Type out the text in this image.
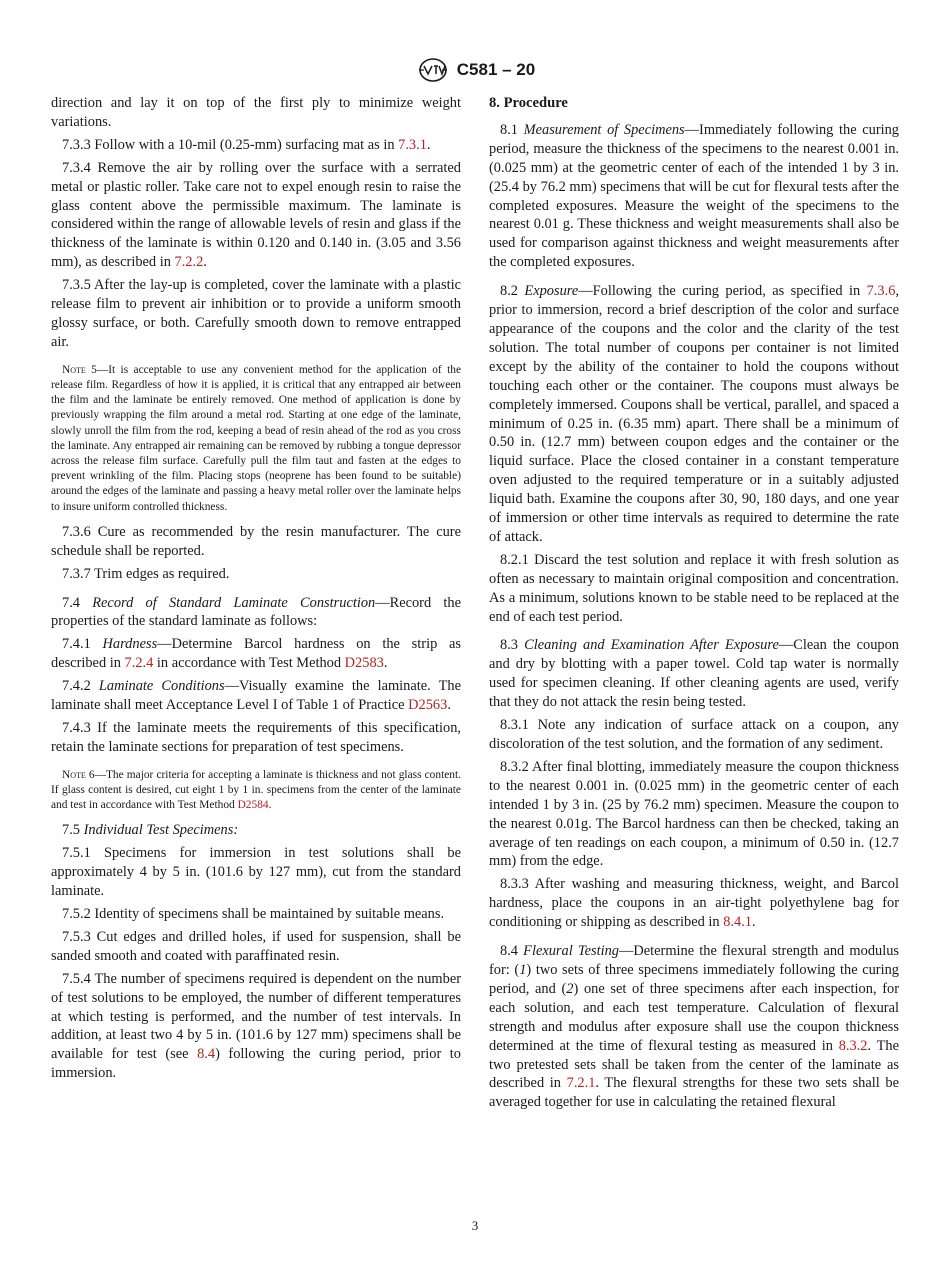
C581 – 20

direction and lay it on top of the first ply to minimize weight variations.

7.3.3 Follow with a 10-mil (0.25-mm) surfacing mat as in 7.3.1.

7.3.4 Remove the air by rolling over the surface with a serrated metal or plastic roller. Take care not to expel enough resin to raise the glass content above the permissible maximum. The laminate is considered within the range of allowable levels of resin and glass if the thickness of the laminate is within 0.120 and 0.140 in. (3.05 and 3.56 mm), as described in 7.2.2.

7.3.5 After the lay-up is completed, cover the laminate with a plastic release film to prevent air inhibition or to provide a uniform smooth glossy surface, or both. Carefully smooth down to remove entrapped air.

Note 5—It is acceptable to use any convenient method for the application of the release film. Regardless of how it is applied, it is critical that any entrapped air between the film and the laminate be entirely removed. One method of application is done by previously wrapping the film around a metal rod. Starting at one edge of the laminate, slowly unroll the film from the rod, keeping a bead of resin ahead of the rod as you cross the laminate. Any entrapped air remaining can be removed by rubbing a tongue depressor across the release film surface. Carefully pull the film taut and fasten at the edges to prevent wrinkling of the film. Placing stops (neoprene has been found to be suitable) around the edges of the laminate and passing a heavy metal roller over the laminate helps to insure uniform controlled thickness.

7.3.6 Cure as recommended by the resin manufacturer. The cure schedule shall be reported.

7.3.7 Trim edges as required.

7.4 Record of Standard Laminate Construction—Record the properties of the standard laminate as follows:

7.4.1 Hardness—Determine Barcol hardness on the strip as described in 7.2.4 in accordance with Test Method D2583.

7.4.2 Laminate Conditions—Visually examine the laminate. The laminate shall meet Acceptance Level I of Table 1 of Practice D2563.

7.4.3 If the laminate meets the requirements of this specification, retain the laminate sections for preparation of test specimens.

Note 6—The major criteria for accepting a laminate is thickness and not glass content. If glass content is desired, cut eight 1 by 1 in. specimens from the center of the laminate and test in accordance with Test Method D2584.

7.5 Individual Test Specimens:

7.5.1 Specimens for immersion in test solutions shall be approximately 4 by 5 in. (101.6 by 127 mm), cut from the standard laminate.

7.5.2 Identity of specimens shall be maintained by suitable means.

7.5.3 Cut edges and drilled holes, if used for suspension, shall be sanded smooth and coated with paraffinated resin.

7.5.4 The number of specimens required is dependent on the number of test solutions to be employed, the number of different temperatures at which testing is performed, and the number of test intervals. In addition, at least two 4 by 5 in. (101.6 by 127 mm) specimens shall be available for test (see 8.4) following the curing period, prior to immersion.

8. Procedure

8.1 Measurement of Specimens—Immediately following the curing period, measure the thickness of the specimens to the nearest 0.001 in. (0.025 mm) at the geometric center of each of the intended 1 by 3 in. (25.4 by 76.2 mm) specimens that will be cut for flexural tests after the completed exposures. Measure the weight of the specimens to the nearest 0.01 g. These thickness and weight measurements shall also be used for comparison against thickness and weight measurements after the completed exposures.

8.2 Exposure—Following the curing period, as specified in 7.3.6, prior to immersion, record a brief description of the color and surface appearance of the coupons and the color and the clarity of the test solution. The total number of coupons per container is not limited except by the ability of the container to hold the coupons without touching each other or the container. The coupons must always be completely immersed. Coupons shall be vertical, parallel, and spaced a minimum of 0.25 in. (6.35 mm) apart. There shall be a minimum of 0.50 in. (12.7 mm) between coupon edges and the container or the liquid surface. Place the closed container in a constant temperature oven adjusted to the required temperature or in a suitably adjusted liquid bath. Examine the coupons after 30, 90, 180 days, and one year of immersion or other time intervals as required to determine the rate of attack.

8.2.1 Discard the test solution and replace it with fresh solution as often as necessary to maintain original composition and concentration. As a minimum, solutions known to be stable need to be replaced at the end of each test period.

8.3 Cleaning and Examination After Exposure—Clean the coupon and dry by blotting with a paper towel. Cold tap water is normally used for specimen cleaning. If other cleaning agents are used, verify that they do not attack the resin being tested.

8.3.1 Note any indication of surface attack on a coupon, any discoloration of the test solution, and the formation of any sediment.

8.3.2 After final blotting, immediately measure the coupon thickness to the nearest 0.001 in. (0.025 mm) in the geometric center of each intended 1 by 3 in. (25 by 76.2 mm) specimen. Measure the coupon to the nearest 0.01g. The Barcol hardness can then be checked, taking an average of ten readings on each coupon, a minimum of 0.50 in. (12.7 mm) from the edge.

8.3.3 After washing and measuring thickness, weight, and Barcol hardness, place the coupons in an air-tight polyethylene bag for conditioning or shipping as described in 8.4.1.

8.4 Flexural Testing—Determine the flexural strength and modulus for: (1) two sets of three specimens immediately following the curing period, and (2) one set of three specimens after each inspection, for each solution, and each test temperature. Calculation of flexural strength and modulus after exposure shall use the coupon thickness determined at the time of flexural testing as measured in 8.3.2. The two pretested sets shall be taken from the center of the laminate as described in 7.2.1. The flexural strengths for these two sets shall be averaged together for use in calculating the retained flexural

3
